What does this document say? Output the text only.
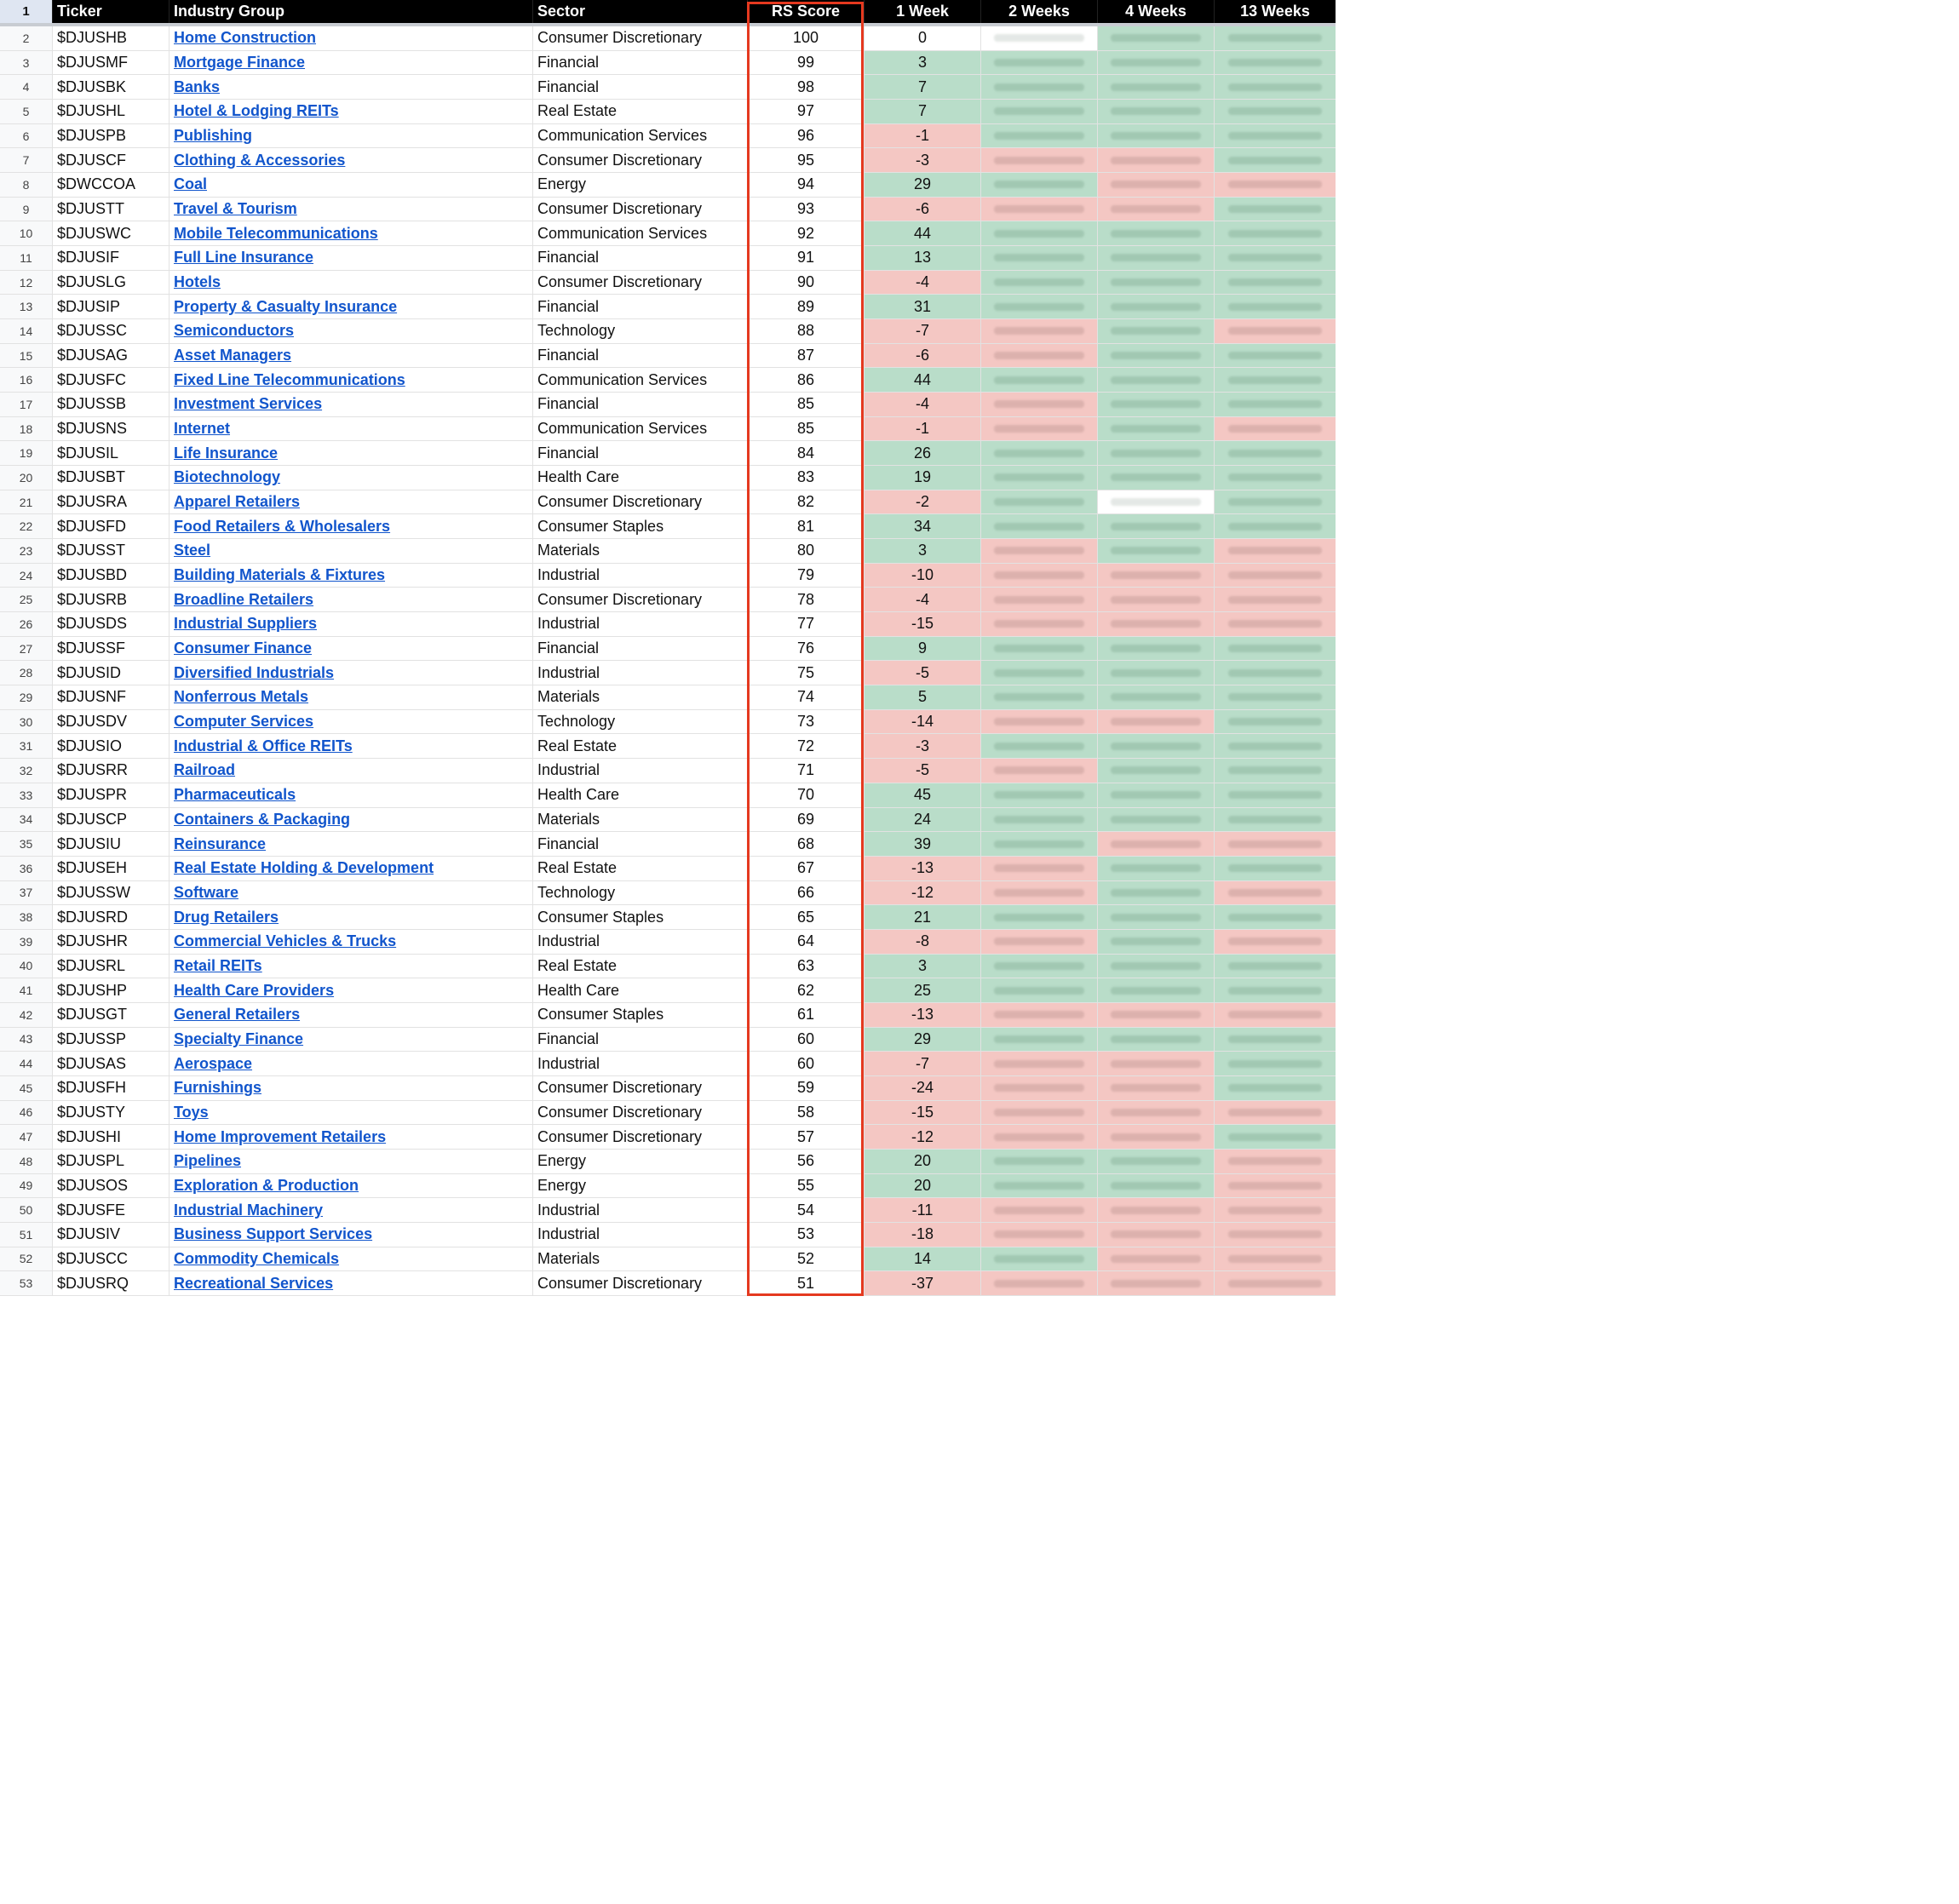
1	Ticker	Industry Group	Sector	RS Score	1 Week	2 Weeks	4 Weeks	13 Weeks
2	$DJUSHB	Home Construction	Consumer Discretionary	100	0
3	$DJUSMF	Mortgage Finance	Financial	99	3
4	$DJUSBK	Banks	Financial	98	7
5	$DJUSHL	Hotel & Lodging REITs	Real Estate	97	7
6	$DJUSPB	Publishing	Communication Services	96	-1
7	$DJUSCF	Clothing & Accessories	Consumer Discretionary	95	-3
8	$DWCCOA	Coal	Energy	94	29
9	$DJUSTT	Travel & Tourism	Consumer Discretionary	93	-6
10	$DJUSWC	Mobile Telecommunications	Communication Services	92	44
11	$DJUSIF	Full Line Insurance	Financial	91	13
12	$DJUSLG	Hotels	Consumer Discretionary	90	-4
13	$DJUSIP	Property & Casualty Insurance	Financial	89	31
14	$DJUSSC	Semiconductors	Technology	88	-7
15	$DJUSAG	Asset Managers	Financial	87	-6
16	$DJUSFC	Fixed Line Telecommunications	Communication Services	86	44
17	$DJUSSB	Investment Services	Financial	85	-4
18	$DJUSNS	Internet	Communication Services	85	-1
19	$DJUSIL	Life Insurance	Financial	84	26
20	$DJUSBT	Biotechnology	Health Care	83	19
21	$DJUSRA	Apparel Retailers	Consumer Discretionary	82	-2
22	$DJUSFD	Food Retailers & Wholesalers	Consumer Staples	81	34
23	$DJUSST	Steel	Materials	80	3
24	$DJUSBD	Building Materials & Fixtures	Industrial	79	-10
25	$DJUSRB	Broadline Retailers	Consumer Discretionary	78	-4
26	$DJUSDS	Industrial Suppliers	Industrial	77	-15
27	$DJUSSF	Consumer Finance	Financial	76	9
28	$DJUSID	Diversified Industrials	Industrial	75	-5
29	$DJUSNF	Nonferrous Metals	Materials	74	5
30	$DJUSDV	Computer Services	Technology	73	-14
31	$DJUSIO	Industrial & Office REITs	Real Estate	72	-3
32	$DJUSRR	Railroad	Industrial	71	-5
33	$DJUSPR	Pharmaceuticals	Health Care	70	45
34	$DJUSCP	Containers & Packaging	Materials	69	24
35	$DJUSIU	Reinsurance	Financial	68	39
36	$DJUSEH	Real Estate Holding & Development	Real Estate	67	-13
37	$DJUSSW	Software	Technology	66	-12
38	$DJUSRD	Drug Retailers	Consumer Staples	65	21
39	$DJUSHR	Commercial Vehicles & Trucks	Industrial	64	-8
40	$DJUSRL	Retail REITs	Real Estate	63	3
41	$DJUSHP	Health Care Providers	Health Care	62	25
42	$DJUSGT	General Retailers	Consumer Staples	61	-13
43	$DJUSSP	Specialty Finance	Financial	60	29
44	$DJUSAS	Aerospace	Industrial	60	-7
45	$DJUSFH	Furnishings	Consumer Discretionary	59	-24
46	$DJUSTY	Toys	Consumer Discretionary	58	-15
47	$DJUSHI	Home Improvement Retailers	Consumer Discretionary	57	-12
48	$DJUSPL	Pipelines	Energy	56	20
49	$DJUSOS	Exploration & Production	Energy	55	20
50	$DJUSFE	Industrial Machinery	Industrial	54	-11
51	$DJUSIV	Business Support Services	Industrial	53	-18
52	$DJUSCC	Commodity Chemicals	Materials	52	14
53	$DJUSRQ	Recreational Services	Consumer Discretionary	51	-37
